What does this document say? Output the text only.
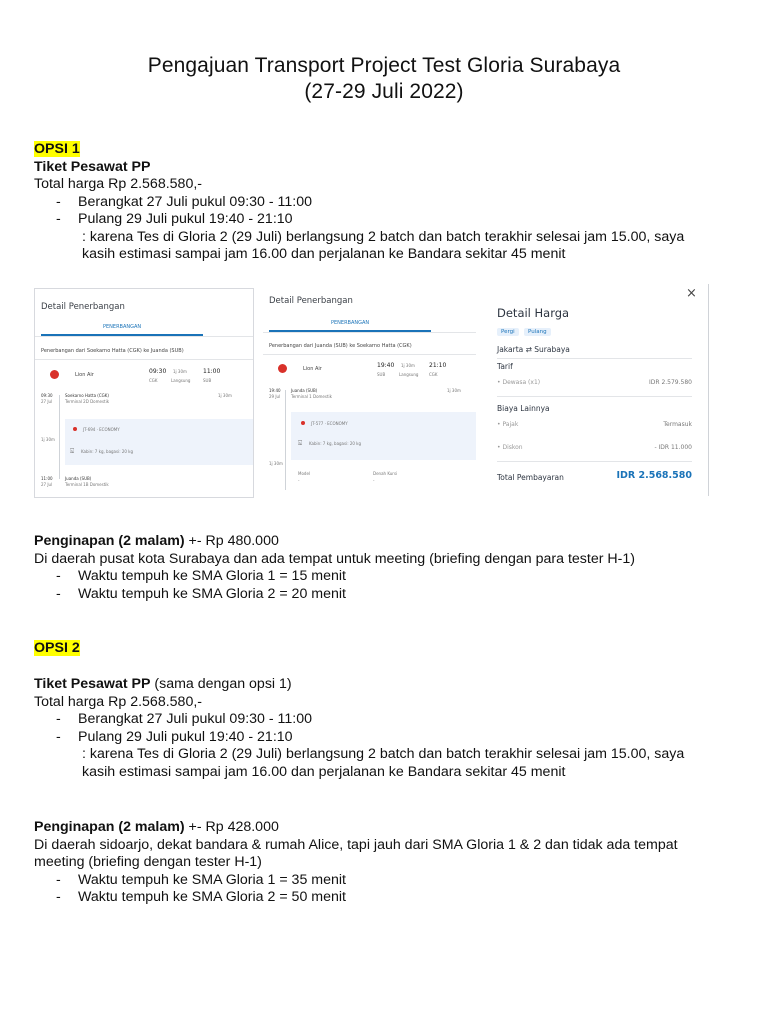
Pengajuan Transport Project Test Gloria Surabaya
(27-29 Juli 2022)

OPSI 1

Tiket Pesawat PP

Total harga Rp 2.568.580,-

- Berangkat 27 Juli pukul 09:30 - 11:00

- Pulang 29 Juli pukul 19:40 - 21:10

: karena Tes di Gloria 2 (29 Juli) berlangsung 2 batch dan batch terakhir selesai jam 15.00, saya

kasih estimasi sampai jam 16.00 dan perjalanan ke Bandara sekitar 45 menit

Detail Penerbangan
PENERBANGAN
Penerbangan dari Soekarno Hatta (CGK) ke Juanda (SUB)
Lion Air	09:30
CGK
1j 30m
Langsung
11:00
SUB
09:30
27 Jul
Soekarno Hatta (CGK)
Terminal 2D Domestik
1j 30m
JT-694 · ECONOMY
⌺ Kabin: 7 kg, bagasi: 20 kg
1j 30m
11:00
27 Jul
Juanda (SUB)
Terminal 1B Domestik
Detail Penerbangan
PENERBANGAN
Penerbangan dari Juanda (SUB) ke Soekarno Hatta (CGK)
Lion Air	19:40
SUB
1j 30m
Langsung
21:10
CGK
19:40
29 Jul
Juanda (SUB)
Terminal 1 Domestik
1j 30m
JT-577 · ECONOMY
⌺ Kabin: 7 kg, bagasi: 20 kg
1j 30m
Model
-
Denah Kursi
-
×
Detail Harga
Pergi	Pulang
Jakarta ⇄ Surabaya
Tarif
• Dewasa (x1)	IDR 2.579.580
Biaya Lainnya
• Pajak	Termasuk
• Diskon	- IDR 11.000
Total Pembayaran	IDR 2.568.580

Penginapan (2 malam) +- Rp 480.000

Di daerah pusat kota Surabaya dan ada tempat untuk meeting (briefing dengan para tester H-1)

- Waktu tempuh ke SMA Gloria 1 = 15 menit

- Waktu tempuh ke SMA Gloria 2 = 20 menit

OPSI 2

Tiket Pesawat PP (sama dengan opsi 1)

Total harga Rp 2.568.580,-

- Berangkat 27 Juli pukul 09:30 - 11:00

- Pulang 29 Juli pukul 19:40 - 21:10

: karena Tes di Gloria 2 (29 Juli) berlangsung 2 batch dan batch terakhir selesai jam 15.00, saya

kasih estimasi sampai jam 16.00 dan perjalanan ke Bandara sekitar 45 menit

Penginapan (2 malam) +- Rp 428.000

Di daerah sidoarjo, dekat bandara & rumah Alice, tapi jauh dari SMA Gloria 1 & 2 dan tidak ada tempat

meeting (briefing dengan tester H-1)

- Waktu tempuh ke SMA Gloria 1 = 35 menit

- Waktu tempuh ke SMA Gloria 2 = 50 menit
